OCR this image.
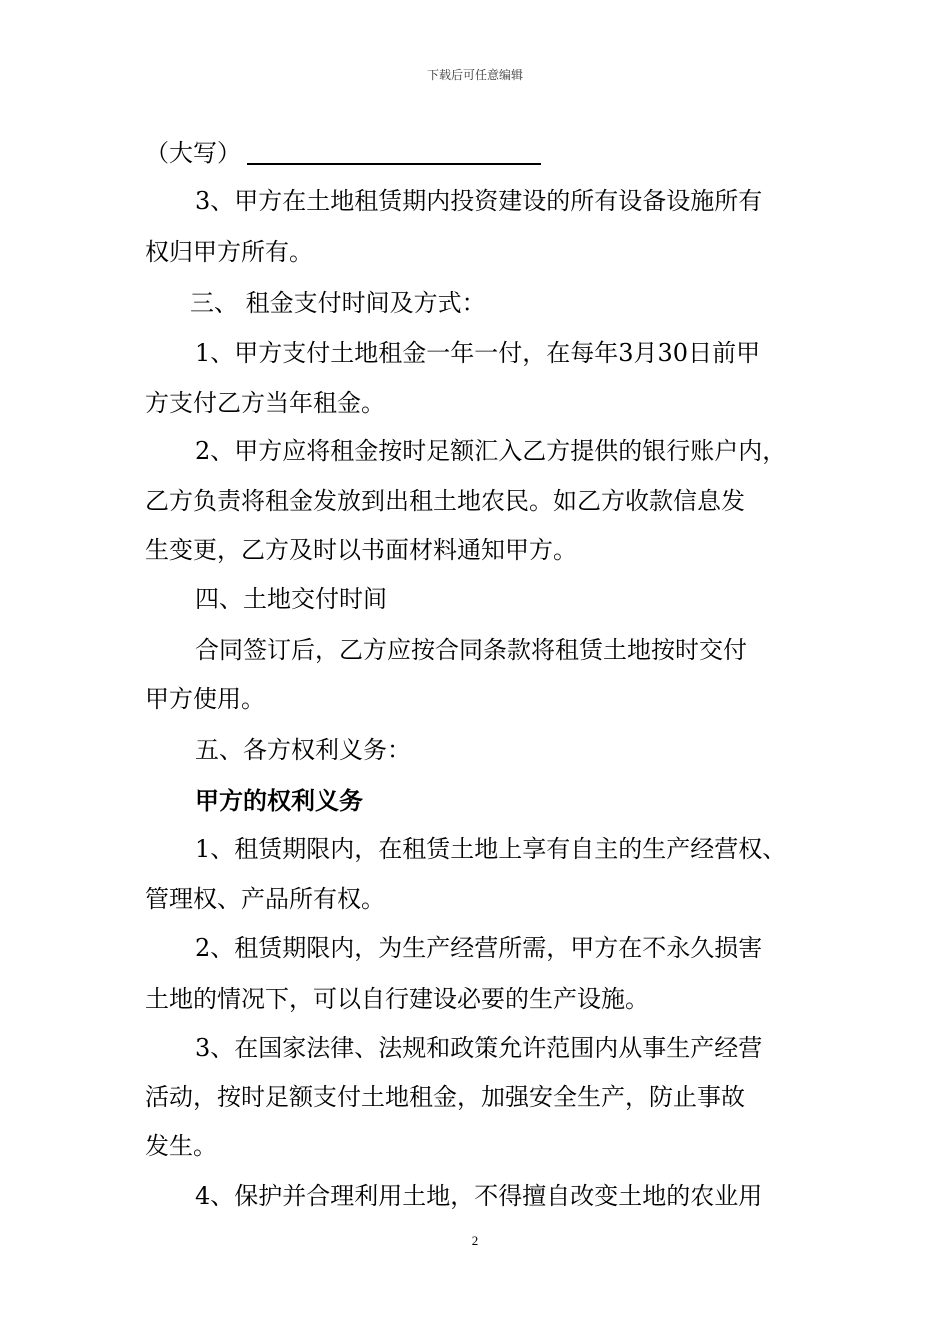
下载后可任意编辑
（大写）
3、甲方在土地租赁期内投资建设的所有设备设施所有
权归甲方所有。
三、 租金支付时间及方式：
1、甲方支付土地租金一年一付，在每年3月30日前甲
方支付乙方当年租金。
2、甲方应将租金按时足额汇入乙方提供的银行账户内，
乙方负责将租金发放到出租土地农民。如乙方收款信息发
生变更，乙方及时以书面材料通知甲方。
四、土地交付时间
合同签订后，乙方应按合同条款将租赁土地按时交付
甲方使用。
五、各方权利义务：
甲方的权利义务
1、租赁期限内，在租赁土地上享有自主的生产经营权、
管理权、产品所有权。
2、租赁期限内，为生产经营所需，甲方在不永久损害
土地的情况下，可以自行建设必要的生产设施。
3、在国家法律、法规和政策允许范围内从事生产经营
活动，按时足额支付土地租金，加强安全生产，防止事故
发生。
4、保护并合理利用土地，不得擅自改变土地的农业用
2
